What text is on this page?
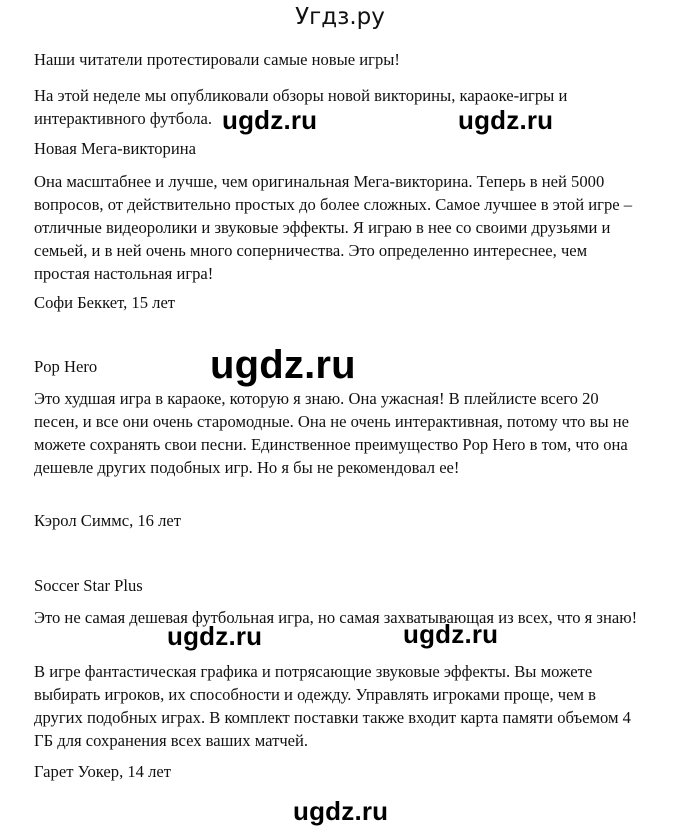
Угдз.ру

Наши читатели протестировали самые новые игры!

На этой неделе мы опубликовали обзоры новой викторины, караоке-игры и интерактивного футбола.

Новая Мега-викторина

Она масштабнее и лучше, чем оригинальная Мега-викторина. Теперь в ней 5000 вопросов, от действительно простых до более сложных. Самое лучшее в этой игре – отличные видеоролики и звуковые эффекты. Я играю в нее со своими друзьями и семьей, и в ней очень много соперничества. Это определенно интереснее, чем простая настольная игра!

Софи Беккет, 15 лет

Pop Hero

Это худшая игра в караоке, которую я знаю. Она ужасная! В плейлисте всего 20 песен, и все они очень старомодные. Она не очень интерактивная, потому что вы не можете сохранять свои песни. Единственное преимущество Pop Hero в том, что она дешевле других подобных игр. Но я бы не рекомендовал ее!

Кэрол Симмс, 16 лет

Soccer Star Plus

Это не самая дешевая футбольная игра, но самая захватывающая из всех, что я знаю!

В игре фантастическая графика и потрясающие звуковые эффекты. Вы можете выбирать игроков, их способности и одежду. Управлять игроками проще, чем в других подобных играх. В комплект поставки также входит карта памяти объемом 4 ГБ для сохранения всех ваших матчей.

Гарет Уокер, 14 лет

ugdz.ru	ugdz.ru
ugdz.ru
ugdz.ru	ugdz.ru
ugdz.ru
